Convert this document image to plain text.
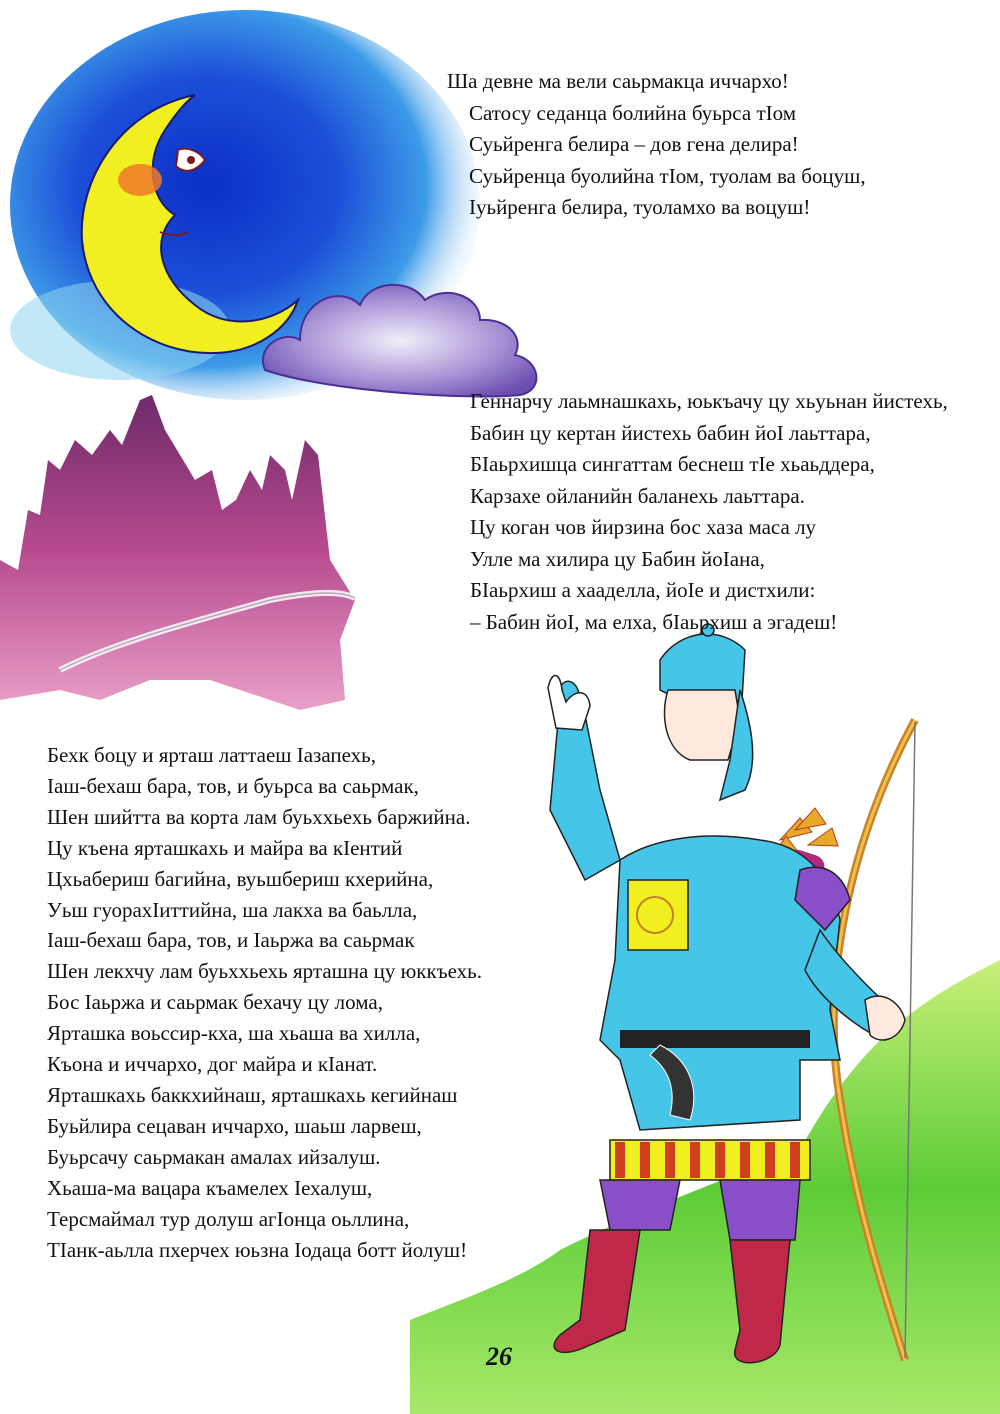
Ша девне ма вели саьрмакца иччархо!
Сатосу седанца болийна буьрса тIом
Суьйренга белира – дов гена делира!
Суьйренца буолийна тIом, туолам ва боцуш,
Iуьйренга белира, туоламхо ва воцуш!
Геннарчу лаьмнашкахь, юькъачу цу хьуьнан йистехь,
Бабин цу кертан йистехь бабин йоI лаьттара,
БIаьрхишца сингаттам беснеш тIе хьаьддера,
Карзахе ойланийн баланехь лаьттара.
Цу коган чов йирзина бос хаза маса лу
Улле ма хилира цу Бабин йоIана,
БIаьрхиш а хааделла, йоIе и дистхили:
– Бабин йоI, ма елха, бIаьрхиш а эгадеш!
Бехк боцу и ярташ латтаеш Iазапехь,
Iаш-бехаш бара, тов, и буьрса ва саьрмак,
Шен шийтта ва корта лам буьххьехь баржийна.
Цу къена ярташкахь и майра ва кIентий
Цхьабериш багийна, вуьшбериш кхерийна,
Уьш гуорахIиттийна, ша лакха ва баьлла,
Iаш-бехаш бара, тов, и Iаьржа ва саьрмак
Шен лекхчу лам буьххьехь ярташна цу юккъехь.
Бос Iаьржа и саьрмак бехачу цу лома,
Ярташка воьссир-кха, ша хьаша ва хилла,
Къона и иччархо, дог майра и кIанат.
Ярташкахь баккхийнаш, ярташкахь кегийнаш
Буьйлира сецаван иччархо, шаьш ларвеш,
Буьрсачу саьрмакан амалах ийзалуш.
Хьаша-ма вацара къамелех Iехалуш,
Терсмаймал тур долуш агIонца оьллина,
ТIанк-аьлла пхерчех юьзна Iодаца ботт йолуш!
26
